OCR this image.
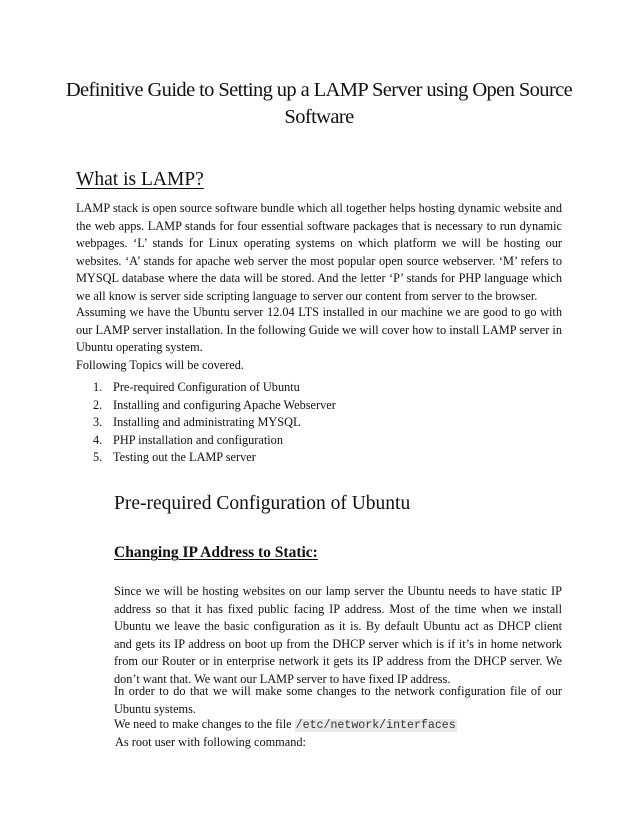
Definitive Guide to Setting up a LAMP Server using Open Source Software
What is LAMP?

LAMP stack is open source software bundle which all together helps hosting dynamic website and the web apps. LAMP stands for four essential software packages that is necessary to run dynamic webpages. ‘L’ stands for Linux operating systems on which platform we will be hosting our websites. ‘A’ stands for apache web server the most popular open source webserver. ‘M’ refers to MYSQL database where the data will be stored. And the letter ‘P’ stands for PHP language which we all know is server side scripting language to server our content from server to the browser.

Assuming we have the Ubuntu server 12.04 LTS installed in our machine we are good to go with our LAMP server installation. In the following Guide we will cover how to install LAMP server in Ubuntu operating system.

Following Topics will be covered.

1. Pre-required Configuration of Ubuntu
2. Installing and configuring Apache Webserver
3. Installing and administrating MYSQL
4. PHP installation and configuration
5. Testing out the LAMP server
Pre-required Configuration of Ubuntu
Changing IP Address to Static:

Since we will be hosting websites on our lamp server the Ubuntu needs to have static IP address so that it has fixed public facing IP address. Most of the time when we install Ubuntu we leave the basic configuration as it is. By default Ubuntu act as DHCP client and gets its IP address on boot up from the DHCP server which is if it’s in home network from our Router or in enterprise network it gets its IP address from the DHCP server. We don’t want that. We want our LAMP server to have fixed IP address.

In order to do that we will make some changes to the network configuration file of our Ubuntu systems.

We need to make changes to the file /etc/network/interfaces

As root user with following command:
